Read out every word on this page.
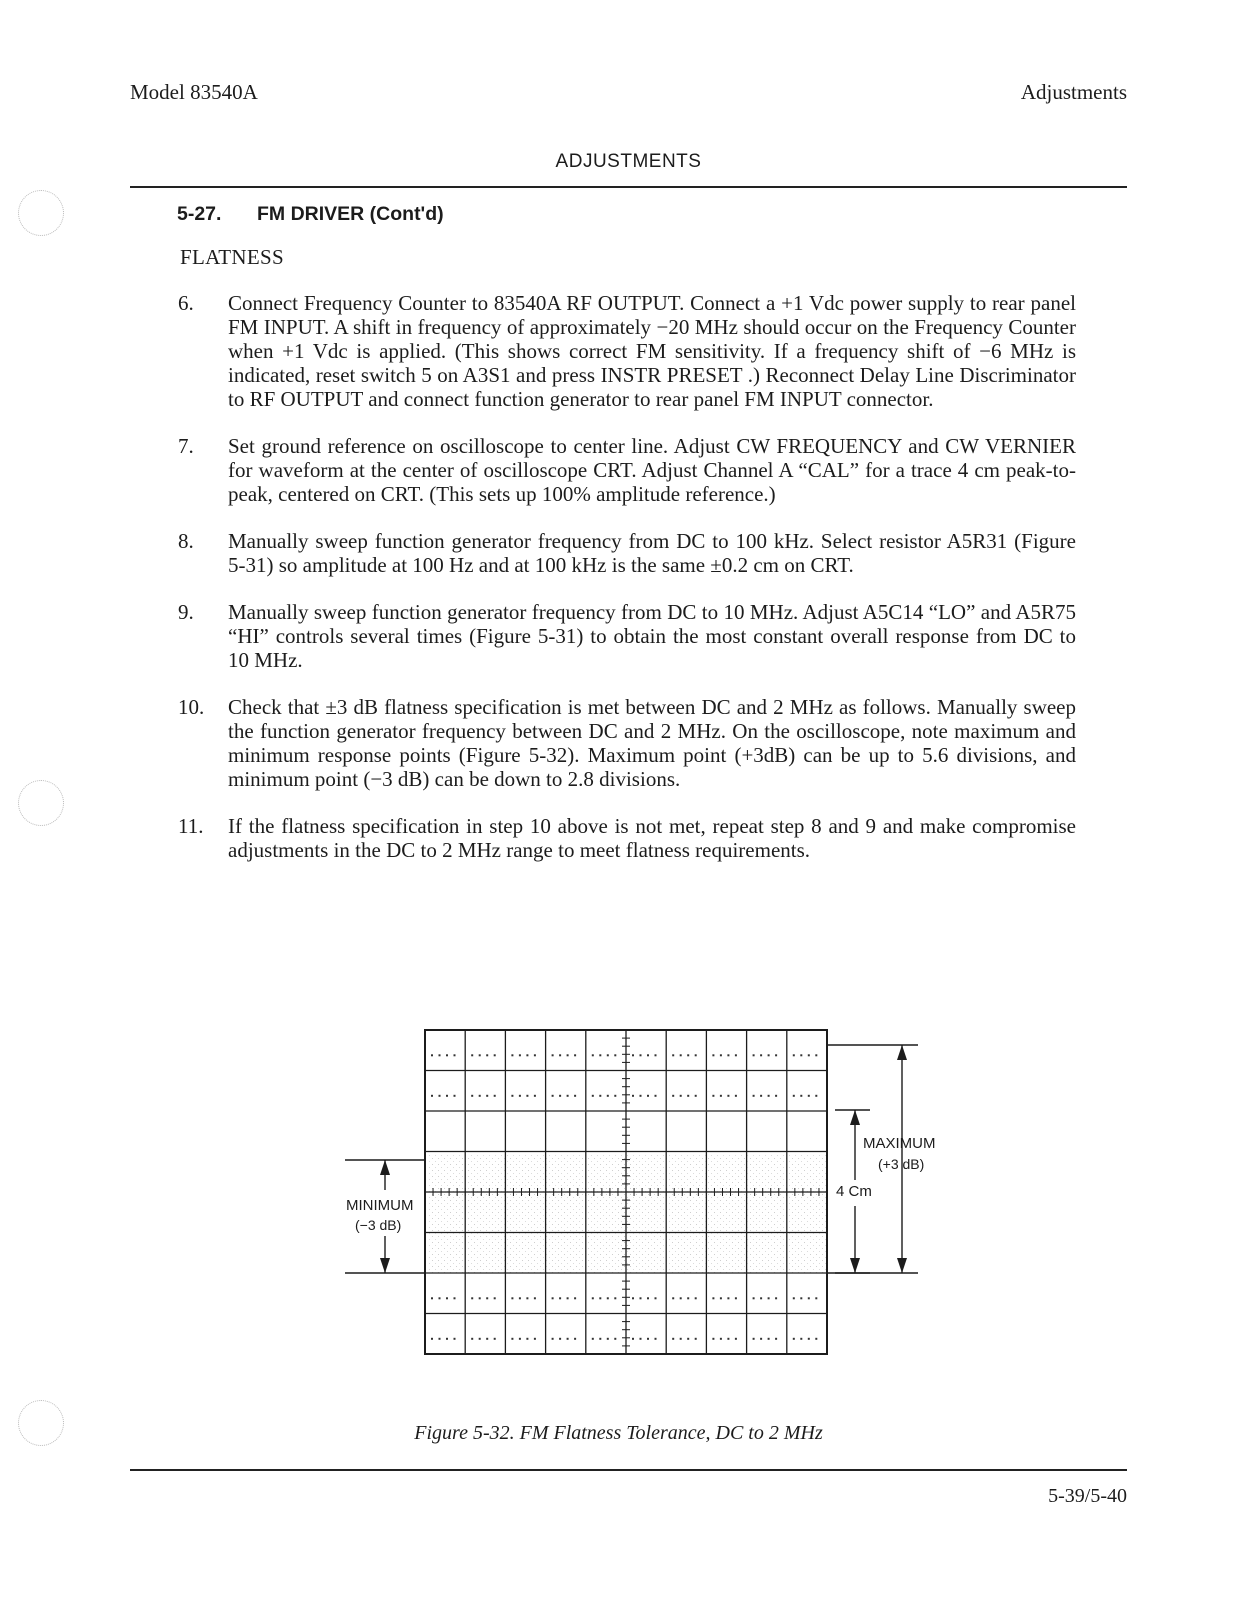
Model 83540A	Adjustments
ADJUSTMENTS
5-27. FM DRIVER (Cont'd)
FLATNESS
6. Connect Frequency Counter to 83540A RF OUTPUT. Connect a +1 Vdc power supply to rear panel FM INPUT. A shift in frequency of approximately −20 MHz should occur on the Frequency Counter when +1 Vdc is applied. (This shows correct FM sensitivity. If a frequency shift of −6 MHz is indicated, reset switch 5 on A3S1 and press INSTR PRESET .) Reconnect Delay Line Discriminator to RF OUTPUT and connect function generator to rear panel FM INPUT connector.
7. Set ground reference on oscilloscope to center line. Adjust CW FREQUENCY and CW VERNIER for waveform at the center of oscilloscope CRT. Adjust Channel A “CAL” for a trace 4 cm peak-to-peak, centered on CRT. (This sets up 100% amplitude reference.)
8. Manually sweep function generator frequency from DC to 100 kHz. Select resistor A5R31 (Figure 5-31) so amplitude at 100 Hz and at 100 kHz is the same ±0.2 cm on CRT.
9. Manually sweep function generator frequency from DC to 10 MHz. Adjust A5C14 “LO” and A5R75 “HI” controls several times (Figure 5-31) to obtain the most constant overall response from DC to 10 MHz.
10. Check that ±3 dB flatness specification is met between DC and 2 MHz as follows. Manually sweep the function generator frequency between DC and 2 MHz. On the oscilloscope, note maximum and minimum response points (Figure 5-32). Maximum point (+3dB) can be up to 5.6 divisions, and minimum point (−3 dB) can be down to 2.8 divisions.
11. If the flatness specification in step 10 above is not met, repeat step 8 and 9 and make compromise adjustments in the DC to 2 MHz range to meet flatness requirements.
MAXIMUM
(+3 dB)
4 Cm
MINIMUM
(−3 dB)
Figure 5-32. FM Flatness Tolerance, DC to 2 MHz
5-39/5-40
